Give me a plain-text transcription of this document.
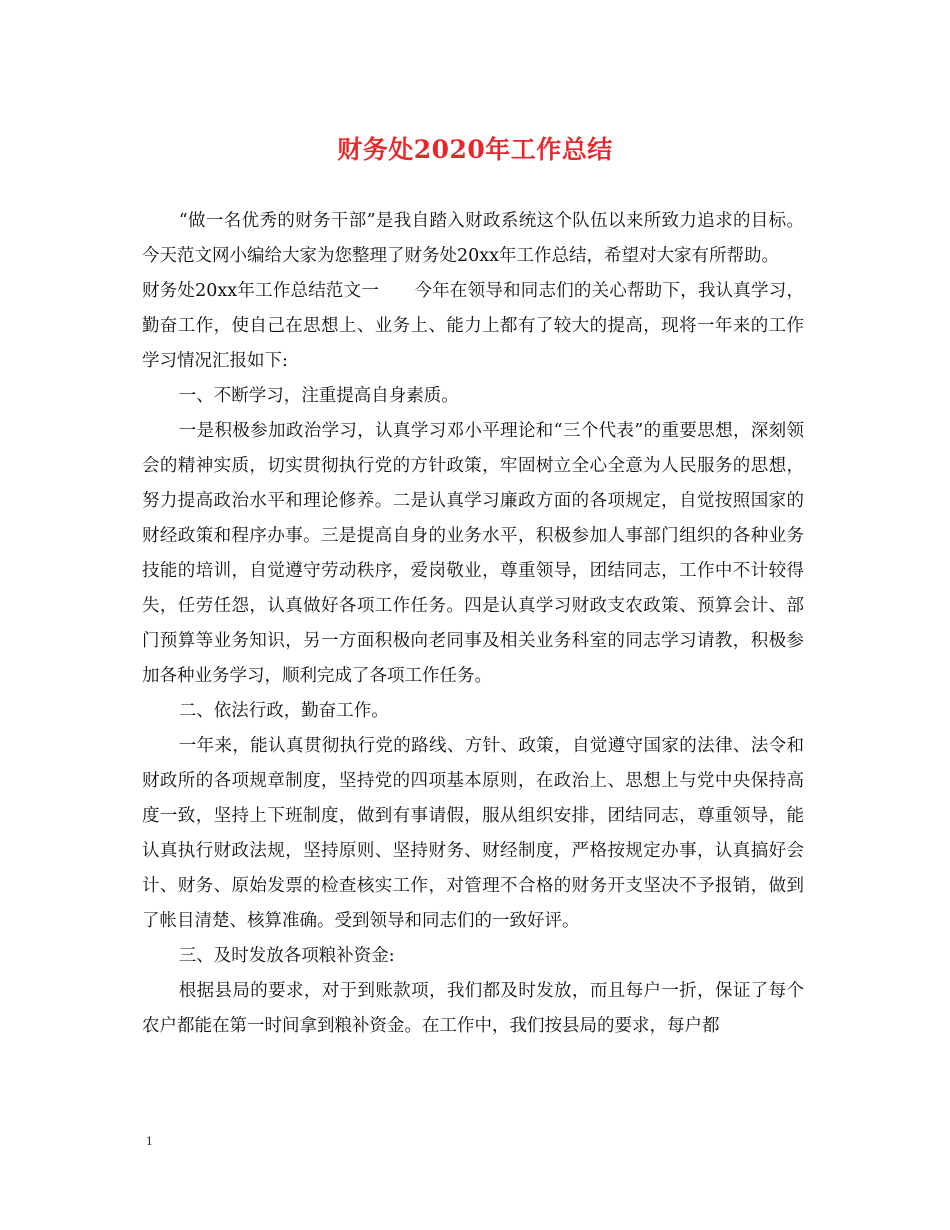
财务处2020年工作总结

“做一名优秀的财务干部”是我自踏入财政系统这个队伍以来所致力追求的目标。今天范文网小编给大家为您整理了财务处20xx年工作总结，希望对大家有所帮助。

财务处20xx年工作总结范文一　　今年在领导和同志们的关心帮助下，我认真学习，勤奋工作，使自己在思想上、业务上、能力上都有了较大的提高，现将一年来的工作学习情况汇报如下:

一、不断学习，注重提高自身素质。

一是积极参加政治学习，认真学习邓小平理论和“三个代表”的重要思想，深刻领会的精神实质，切实贯彻执行党的方针政策，牢固树立全心全意为人民服务的思想，努力提高政治水平和理论修养。二是认真学习廉政方面的各项规定，自觉按照国家的财经政策和程序办事。三是提高自身的业务水平，积极参加人事部门组织的各种业务技能的培训，自觉遵守劳动秩序，爱岗敬业，尊重领导，团结同志，工作中不计较得失，任劳任怨，认真做好各项工作任务。四是认真学习财政支农政策、预算会计、部门预算等业务知识，另一方面积极向老同事及相关业务科室的同志学习请教，积极参加各种业务学习，顺利完成了各项工作任务。

二、依法行政，勤奋工作。

一年来，能认真贯彻执行党的路线、方针、政策，自觉遵守国家的法律、法令和财政所的各项规章制度，坚持党的四项基本原则，在政治上、思想上与党中央保持高度一致，坚持上下班制度，做到有事请假，服从组织安排，团结同志，尊重领导，能认真执行财政法规，坚持原则、坚持财务、财经制度，严格按规定办事，认真搞好会计、财务、原始发票的检查核实工作，对管理不合格的财务开支坚决不予报销，做到了帐目清楚、核算准确。受到领导和同志们的一致好评。

三、及时发放各项粮补资金:

根据县局的要求，对于到账款项，我们都及时发放，而且每户一折，保证了每个农户都能在第一时间拿到粮补资金。在工作中，我们按县局的要求，每户都

1
